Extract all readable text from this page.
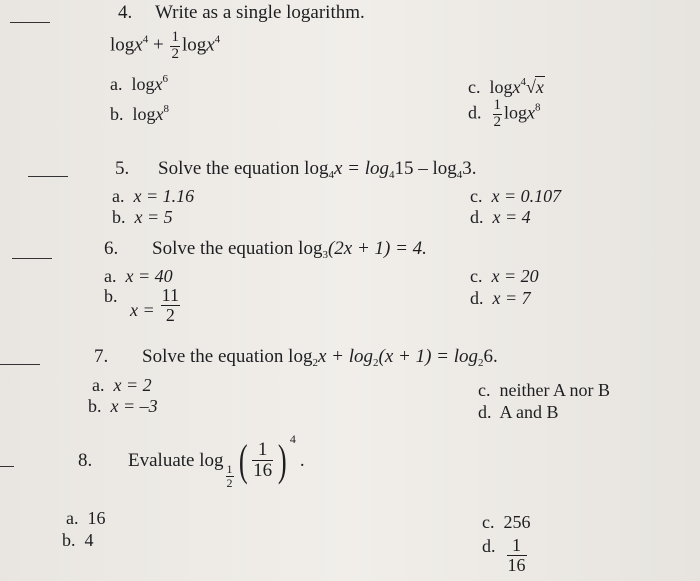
4. Write as a single logarithm.
$\log x^4 + \frac{1}{2} \log x^4$
a. logx$^6$
b. logx$^8$
c. logx$^4$√x
d. $\frac{1}{2} \log x^8$
5. Solve the equation $\log_4x = \log_415 - \log_43$.
a. x = 1.16
b. x = 5
c. x = 0.107
d. x = 4
6. Solve the equation $\log_3(2x + 1) = 4$.
a. x = 40
b. $x = \frac{11}{2}$
c. x = 20
d. x = 7
7. Solve the equation $\log_2x + \log_2(x + 1) = \log_26$.
a. x = 2
b. x = –3
c. neither A nor B
d. A and B
8. Evaluate log
$\frac{1}{2}$ ( $\frac{1}{16}$ ) $^4$.
a. 16
b. 4
c. 256
d. $\frac{1}{16}$
